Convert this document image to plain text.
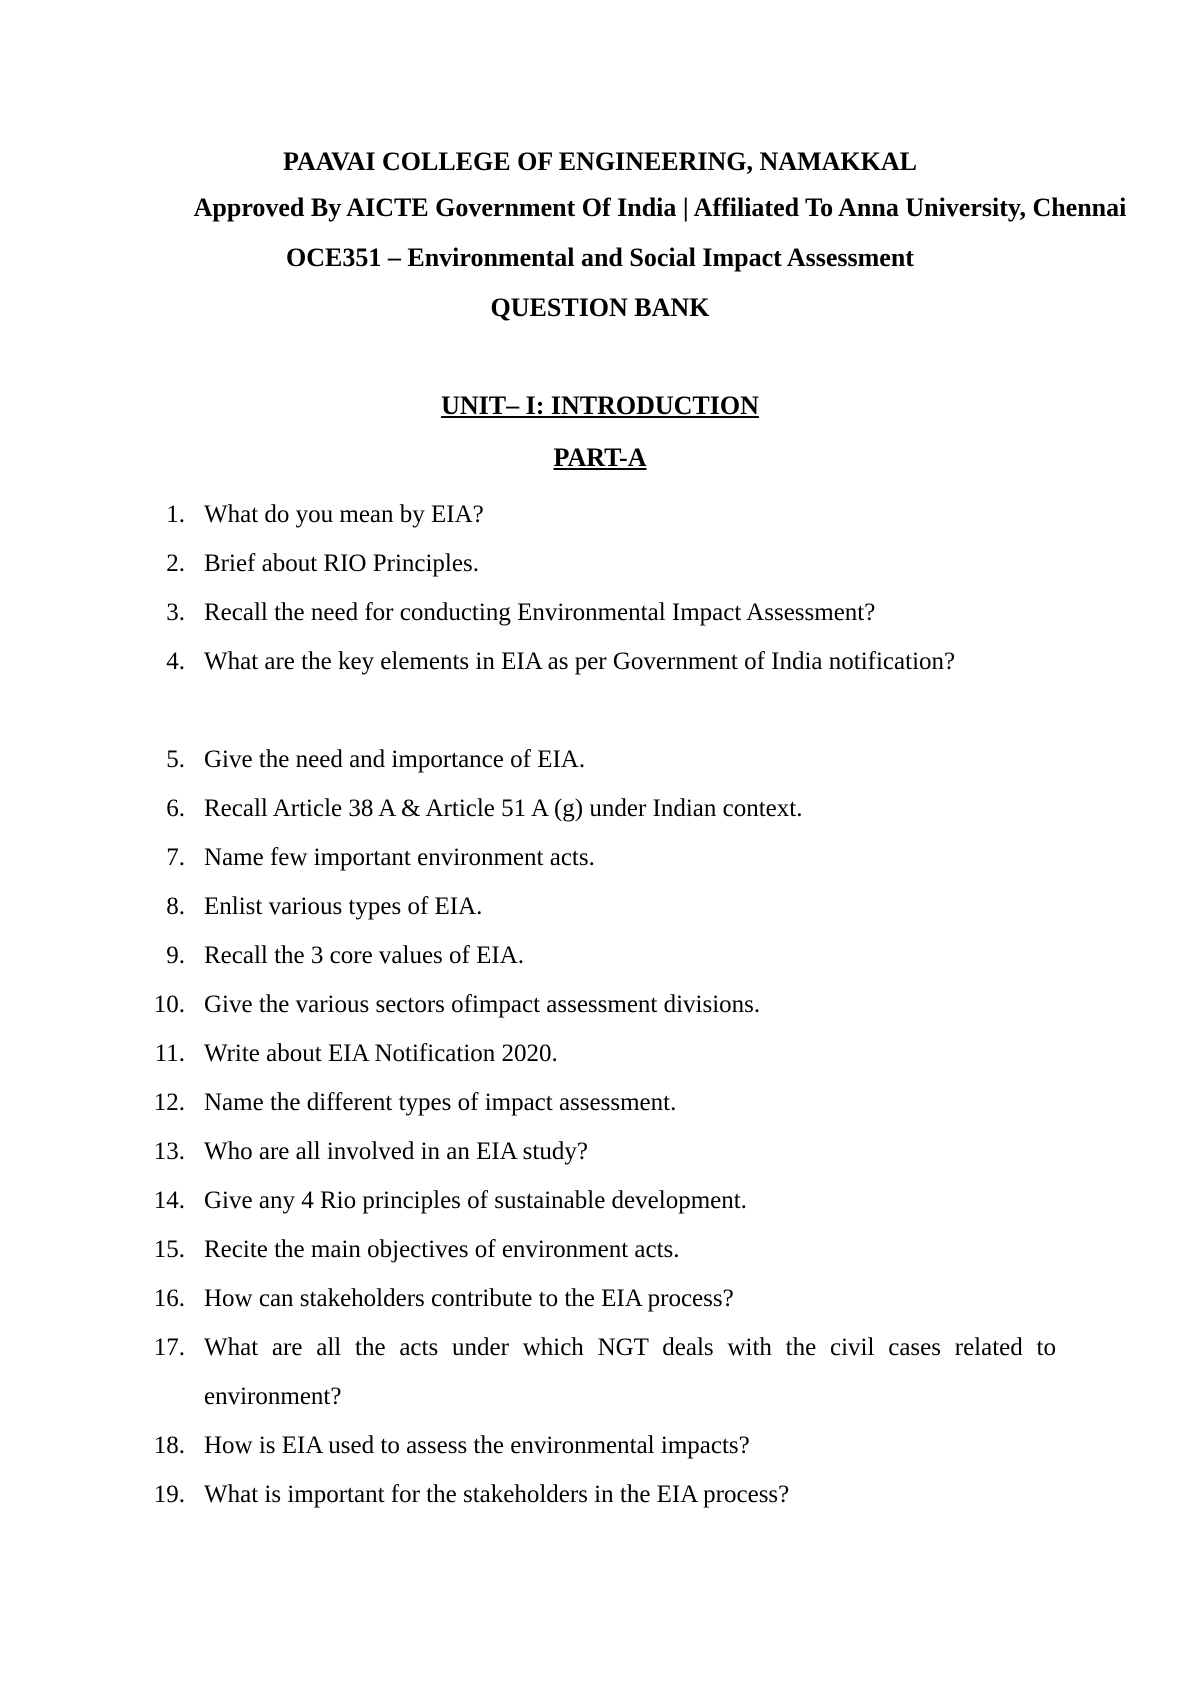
PAAVAI COLLEGE OF ENGINEERING, NAMAKKAL
Approved By AICTE Government Of India | Affiliated To Anna University, Chennai
OCE351 – Environmental and Social Impact Assessment
QUESTION BANK
UNIT– I: INTRODUCTION
PART-A
1. What do you mean by EIA?
2. Brief about RIO Principles.
3. Recall the need for conducting Environmental Impact Assessment?
4. What are the key elements in EIA as per Government of India notification?
5. Give the need and importance of EIA.
6. Recall Article 38 A & Article 51 A (g) under Indian context.
7. Name few important environment acts.
8. Enlist various types of EIA.
9. Recall the 3 core values of EIA.
10. Give the various sectors ofimpact assessment divisions.
11. Write about EIA Notification 2020.
12. Name the different types of impact assessment.
13. Who are all involved in an EIA study?
14. Give any 4 Rio principles of sustainable development.
15. Recite the main objectives of environment acts.
16. How can stakeholders contribute to the EIA process?
17. What are all the acts under which NGT deals with the civil cases related to environment?
18. How is EIA used to assess the environmental impacts?
19. What is important for the stakeholders in the EIA process?
